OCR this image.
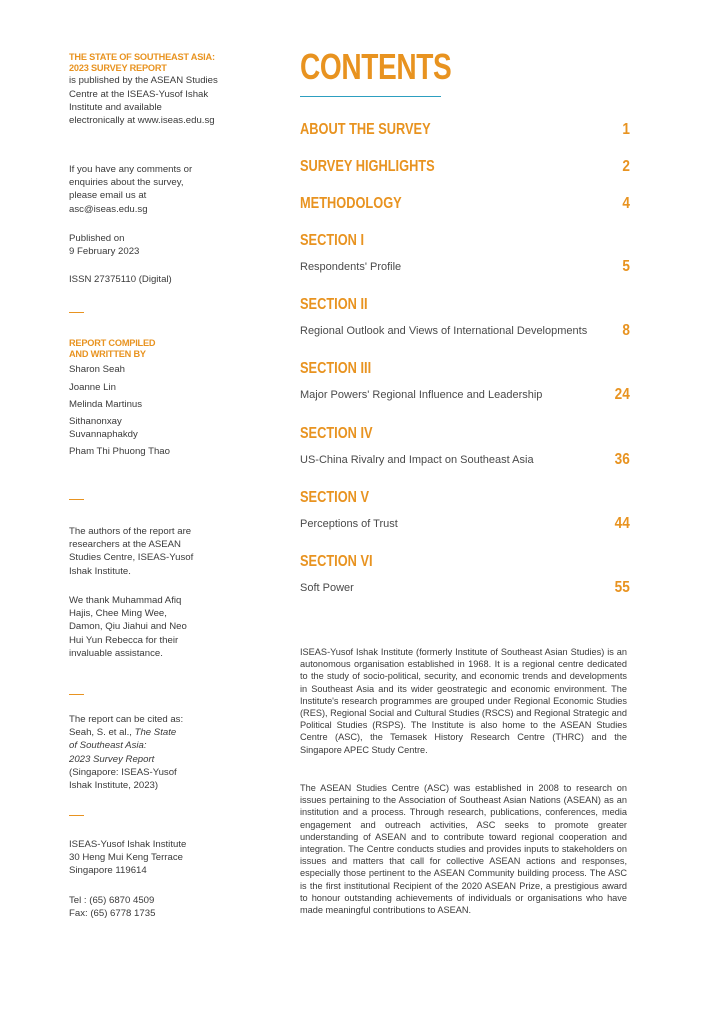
THE STATE OF SOUTHEAST ASIA:
2023 SURVEY REPORT

is published by the ASEAN Studies Centre at the ISEAS-Yusof Ishak Institute and available electronically at www.iseas.edu.sg

If you have any comments or enquiries about the survey, please email us at asc@iseas.edu.sg

Published on

9 February 2023

ISSN 27375110 (Digital)
REPORT COMPILED
AND WRITTEN BY

Sharon Seah

Joanne Lin

Melinda Martinus

Sithanonxay Suvannaphakdy

Pham Thi Phuong Thao

The authors of the report are researchers at the ASEAN Studies Centre, ISEAS-Yusof Ishak Institute.
We thank Muhammad Afiq Hajis, Chee Ming Wee, Damon, Qiu Jiahui and Neo Hui Yun Rebecca for their invaluable assistance.

The report can be cited as:

Seah, S. et al., The State

of Southeast Asia:

2023 Survey Report

(Singapore: ISEAS-Yusof Ishak Institute, 2023)

ISEAS-Yusof Ishak Institute

30 Heng Mui Keng Terrace

Singapore 119614

Tel : (65) 6870 4509

Fax: (65) 6778 1735

CONTENTS
ABOUT THE SURVEY	1
SURVEY HIGHLIGHTS	2
METHODOLOGY	4
SECTION I
Respondents' Profile	5
SECTION II
Regional Outlook and Views of International Developments	8
SECTION III
Major Powers' Regional Influence and Leadership	24
SECTION IV
US-China Rivalry and Impact on Southeast Asia	36
SECTION V
Perceptions of Trust	44
SECTION VI
Soft Power	55

ISEAS-Yusof Ishak Institute (formerly Institute of Southeast Asian Studies) is an autonomous organisation established in 1968. It is a regional centre dedicated to the study of socio-political, security, and economic trends and developments in Southeast Asia and its wider geostrategic and economic environment. The Institute's research programmes are grouped under Regional Economic Studies (RES), Regional Social and Cultural Studies (RSCS) and Regional Strategic and Political Studies (RSPS). The Institute is also home to the ASEAN Studies Centre (ASC), the Temasek History Research Centre (THRC) and the Singapore APEC Study Centre.

The ASEAN Studies Centre (ASC) was established in 2008 to research on issues pertaining to the Association of Southeast Asian Nations (ASEAN) as an institution and a process. Through research, publications, conferences, media engagement and outreach activities, ASC seeks to promote greater understanding of ASEAN and to contribute toward regional cooperation and integration. The Centre conducts studies and provides inputs to stakeholders on issues and matters that call for collective ASEAN actions and responses, especially those pertinent to the ASEAN Community building process. The ASC is the first institutional Recipient of the 2020 ASEAN Prize, a prestigious award to honour outstanding achievements of individuals or organisations who have made meaningful contributions to ASEAN.
